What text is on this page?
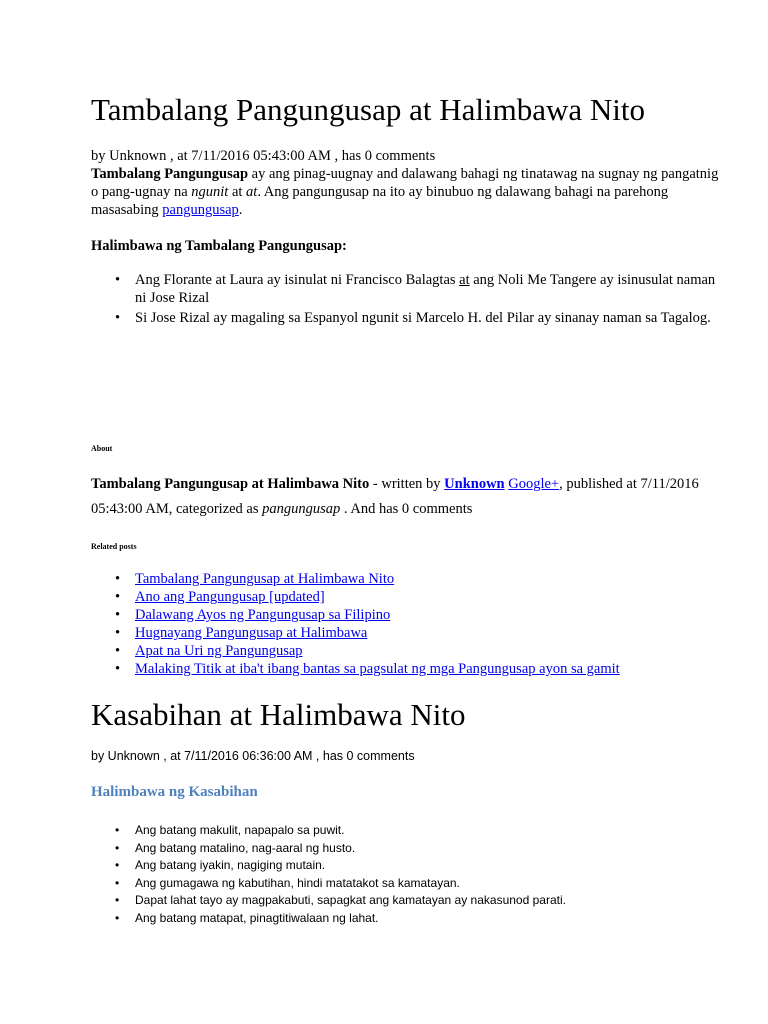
Tambalang Pangungusap at Halimbawa Nito
by Unknown , at 7/11/2016 05:43:00 AM , has 0 comments
Tambalang Pangungusap ay ang pinag-uugnay and dalawang bahagi ng tinatawag na sugnay ng pangatnig o pang-ugnay na ngunit at at. Ang pangungusap na ito ay binubuo ng dalawang bahagi na parehong masasabing pangungusap.
Halimbawa ng Tambalang Pangungusap:
• Ang Florante at Laura ay isinulat ni Francisco Balagtas at ang Noli Me Tangere ay isinusulat naman ni Jose Rizal
• Si Jose Rizal ay magaling sa Espanyol ngunit si Marcelo H. del Pilar ay sinanay naman sa Tagalog.
About
Tambalang Pangungusap at Halimbawa Nito - written by Unknown Google+, published at 7/11/2016 05:43:00 AM, categorized as pangungusap . And has 0 comments
Related posts
• Tambalang Pangungusap at Halimbawa Nito
• Ano ang Pangungusap [updated]
• Dalawang Ayos ng Pangungusap sa Filipino
• Hugnayang Pangungusap at Halimbawa
• Apat na Uri ng Pangungusap
• Malaking Titik at iba't ibang bantas sa pagsulat ng mga Pangungusap ayon sa gamit
Kasabihan at Halimbawa Nito
by Unknown , at 7/11/2016 06:36:00 AM , has 0 comments
Halimbawa ng Kasabihan
• Ang batang makulit, napapalo sa puwit.
• Ang batang matalino, nag-aaral ng husto.
• Ang batang iyakin, nagiging mutain.
• Ang gumagawa ng kabutihan, hindi matatakot sa kamatayan.
• Dapat lahat tayo ay magpakabuti, sapagkat ang kamatayan ay nakasunod parati.
• Ang batang matapat, pinagtitiwalaan ng lahat.
